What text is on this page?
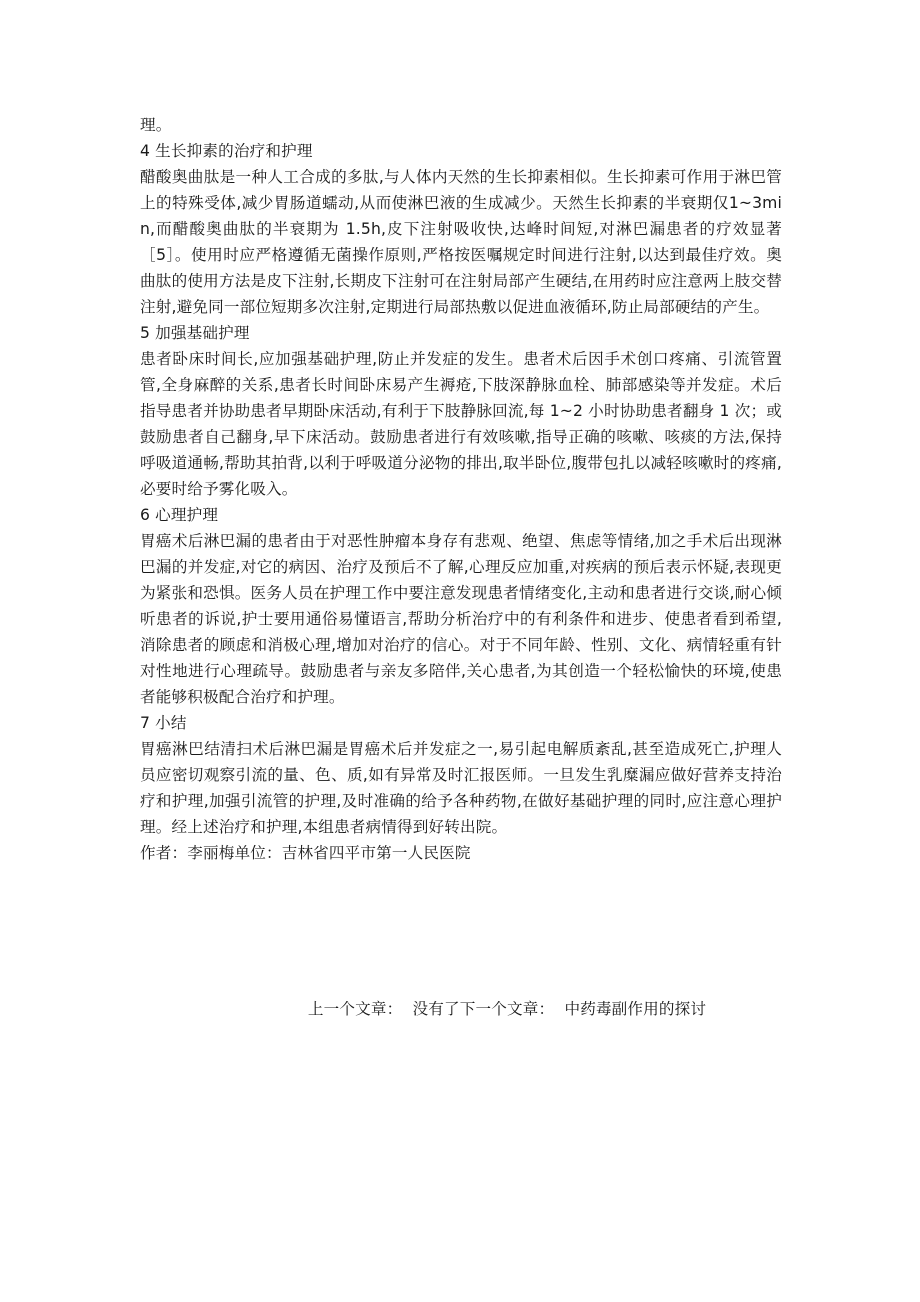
理。

4 生长抑素的治疗和护理

醋酸奥曲肽是一种人工合成的多肽,与人体内天然的生长抑素相似。生长抑素可作用于淋巴管上的特殊受体,减少胃肠道蠕动,从而使淋巴液的生成减少。天然生长抑素的半衰期仅1~3min,而醋酸奥曲肽的半衰期为 1.5h,皮下注射吸收快,达峰时间短,对淋巴漏患者的疗效显著［5］。使用时应严格遵循无菌操作原则,严格按医嘱规定时间进行注射,以达到最佳疗效。奥曲肽的使用方法是皮下注射,长期皮下注射可在注射局部产生硬结,在用药时应注意两上肢交替注射,避免同一部位短期多次注射,定期进行局部热敷以促进血液循环,防止局部硬结的产生。

5 加强基础护理

患者卧床时间长,应加强基础护理,防止并发症的发生。患者术后因手术创口疼痛、引流管置管,全身麻醉的关系,患者长时间卧床易产生褥疮,下肢深静脉血栓、肺部感染等并发症。术后指导患者并协助患者早期卧床活动,有利于下肢静脉回流,每 1~2 小时协助患者翻身 1 次；或鼓励患者自己翻身,早下床活动。鼓励患者进行有效咳嗽,指导正确的咳嗽、咳痰的方法,保持呼吸道通畅,帮助其拍背,以利于呼吸道分泌物的排出,取半卧位,腹带包扎以减轻咳嗽时的疼痛,必要时给予雾化吸入。

6 心理护理

胃癌术后淋巴漏的患者由于对恶性肿瘤本身存有悲观、绝望、焦虑等情绪,加之手术后出现淋巴漏的并发症,对它的病因、治疗及预后不了解,心理反应加重,对疾病的预后表示怀疑,表现更为紧张和恐惧。医务人员在护理工作中要注意发现患者情绪变化,主动和患者进行交谈,耐心倾听患者的诉说,护士要用通俗易懂语言,帮助分析治疗中的有利条件和进步、使患者看到希望,消除患者的顾虑和消极心理,增加对治疗的信心。对于不同年龄、性别、文化、病情轻重有针对性地进行心理疏导。鼓励患者与亲友多陪伴,关心患者,为其创造一个轻松愉快的环境,使患者能够积极配合治疗和护理。

7 小结

胃癌淋巴结清扫术后淋巴漏是胃癌术后并发症之一,易引起电解质紊乱,甚至造成死亡,护理人员应密切观察引流的量、色、质,如有异常及时汇报医师。一旦发生乳糜漏应做好营养支持治疗和护理,加强引流管的护理,及时准确的给予各种药物,在做好基础护理的同时,应注意心理护理。经上述治疗和护理,本组患者病情得到好转出院。

作者：李丽梅单位：吉林省四平市第一人民医院

上一个文章： 没有了下一个文章： 中药毒副作用的探讨
